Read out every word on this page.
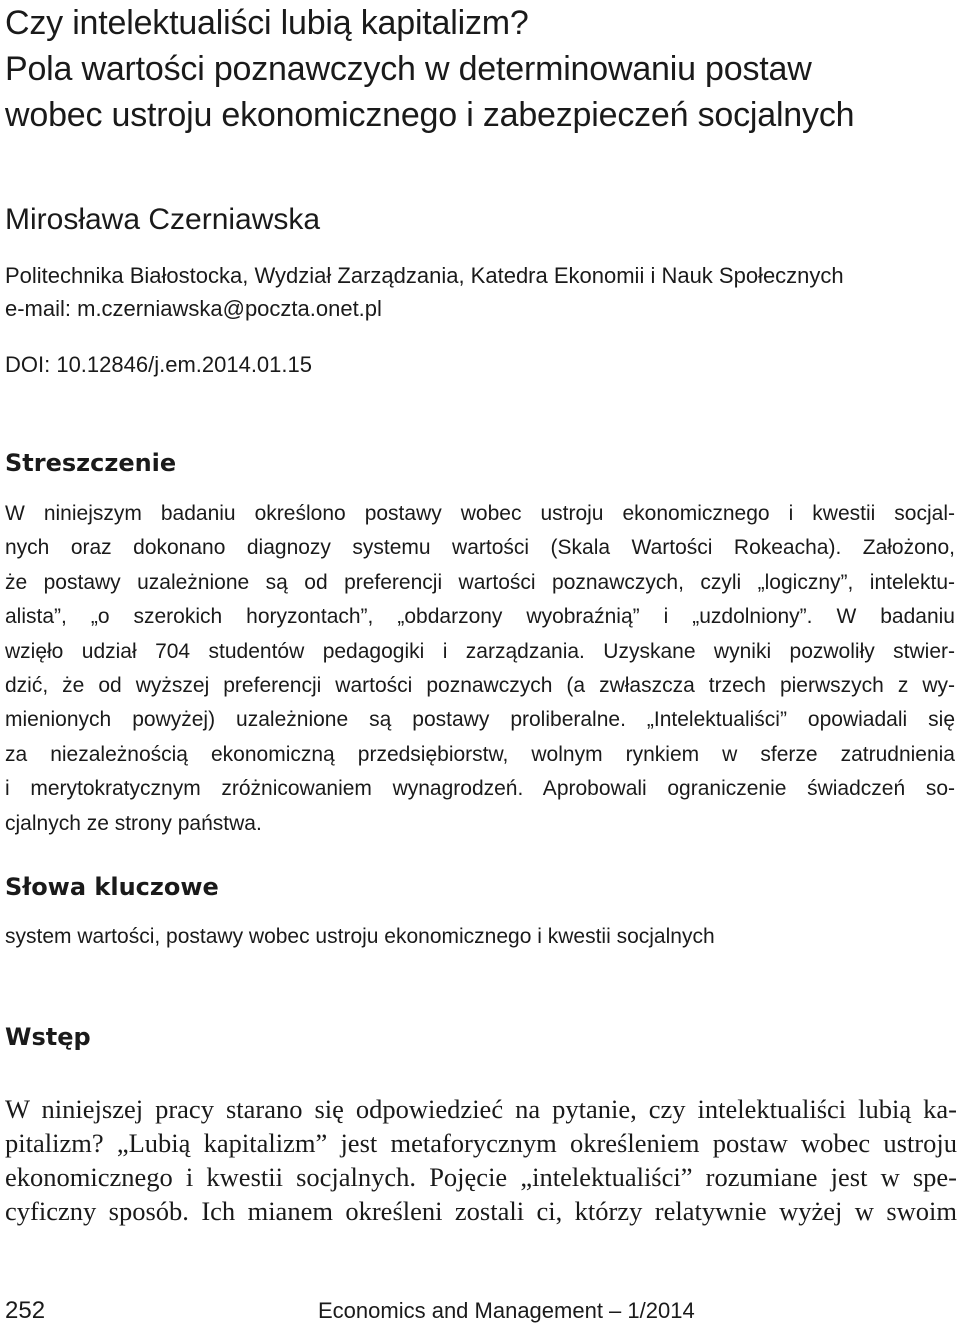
Czy intelektualiści lubią kapitalizm?
Pola wartości poznawczych w determinowaniu postaw
wobec ustroju ekonomicznego i zabezpieczeń socjalnych
Mirosława Czerniawska
Politechnika Białostocka, Wydział Zarządzania, Katedra Ekonomii i Nauk Społecznych
e-mail: m.czerniawska@poczta.onet.pl
DOI: 10.12846/j.em.2014.01.15
Streszczenie
W niniejszym badaniu określono postawy wobec ustroju ekonomicznego i kwestii socjal-
nych oraz dokonano diagnozy systemu wartości (Skala Wartości Rokeacha). Założono,
że postawy uzależnione są od preferencji wartości poznawczych, czyli „logiczny”, intelektu-
alista”, „o szerokich horyzontach”, „obdarzony wyobraźnią” i „uzdolniony”. W badaniu
wzięło udział 704 studentów pedagogiki i zarządzania. Uzyskane wyniki pozwoliły stwier-
dzić, że od wyższej preferencji wartości poznawczych (a zwłaszcza trzech pierwszych z wy-
mienionych powyżej) uzależnione są postawy proliberalne. „Intelektualiści” opowiadali się
za niezależnością ekonomiczną przedsiębiorstw, wolnym rynkiem w sferze zatrudnienia
i merytokratycznym zróżnicowaniem wynagrodzeń. Aprobowali ograniczenie świadczeń so-
cjalnych ze strony państwa.
Słowa kluczowe
system wartości, postawy wobec ustroju ekonomicznego i kwestii socjalnych
Wstęp
W niniejszej pracy starano się odpowiedzieć na pytanie, czy intelektualiści lubią ka-
pitalizm? „Lubią kapitalizm” jest metaforycznym określeniem postaw wobec ustroju
ekonomicznego i kwestii socjalnych. Pojęcie „intelektualiści” rozumiane jest w spe-
cyficzny sposób. Ich mianem określeni zostali ci, którzy relatywnie wyżej w swoim
252	Economics and Management – 1/2014
